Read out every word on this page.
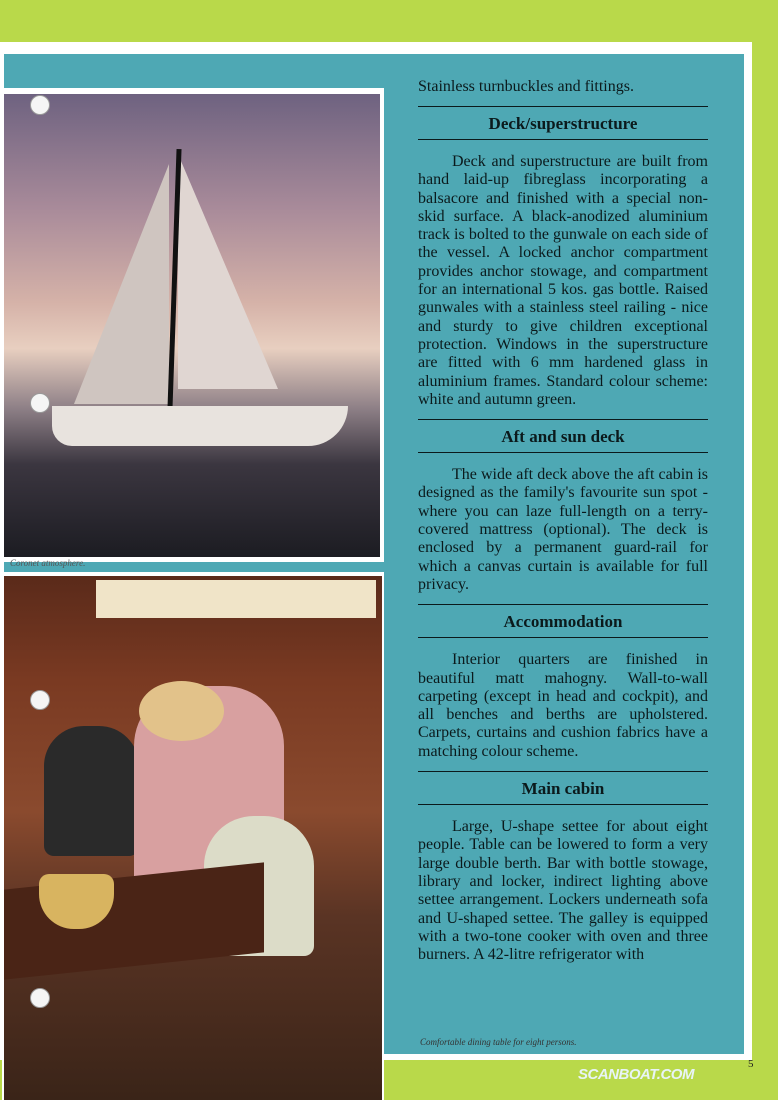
Coronet atmosphere.

Stainless turnbuckles and fittings.

Deck/superstructure

Deck and superstructure are built from hand laid-up fibreglass incorporating a balsacore and finished with a special non-skid surface. A black-anodized aluminium track is bolted to the gunwale on each side of the vessel. A locked anchor compartment provides anchor stowage, and compartment for an international 5 kos. gas bottle. Raised gunwales with a stainless steel railing - nice and sturdy to give children exceptional protection. Windows in the superstructure are fitted with 6 mm hardened glass in aluminium frames. Standard colour scheme: white and autumn green.

Aft and sun deck

The wide aft deck above the aft cabin is designed as the family's favourite sun spot - where you can laze full-length on a terry-covered mattress (optional). The deck is enclosed by a permanent guard-rail for which a canvas curtain is available for full privacy.

Accommodation

Interior quarters are finished in beautiful matt mahogny. Wall-to-wall carpeting (except in head and cockpit), and all benches and berths are upholstered. Carpets, curtains and cushion fabrics have a matching colour scheme.

Main cabin

Large, U-shape settee for about eight people. Table can be lowered to form a very large double berth. Bar with bottle stowage, library and locker, indirect lighting above settee arrangement. Lockers underneath sofa and U-shaped settee. The galley is equipped with a two-tone cooker with oven and three burners. A 42-litre refrigerator with

Comfortable dining table for eight persons.
SCANBOAT.COM
5
